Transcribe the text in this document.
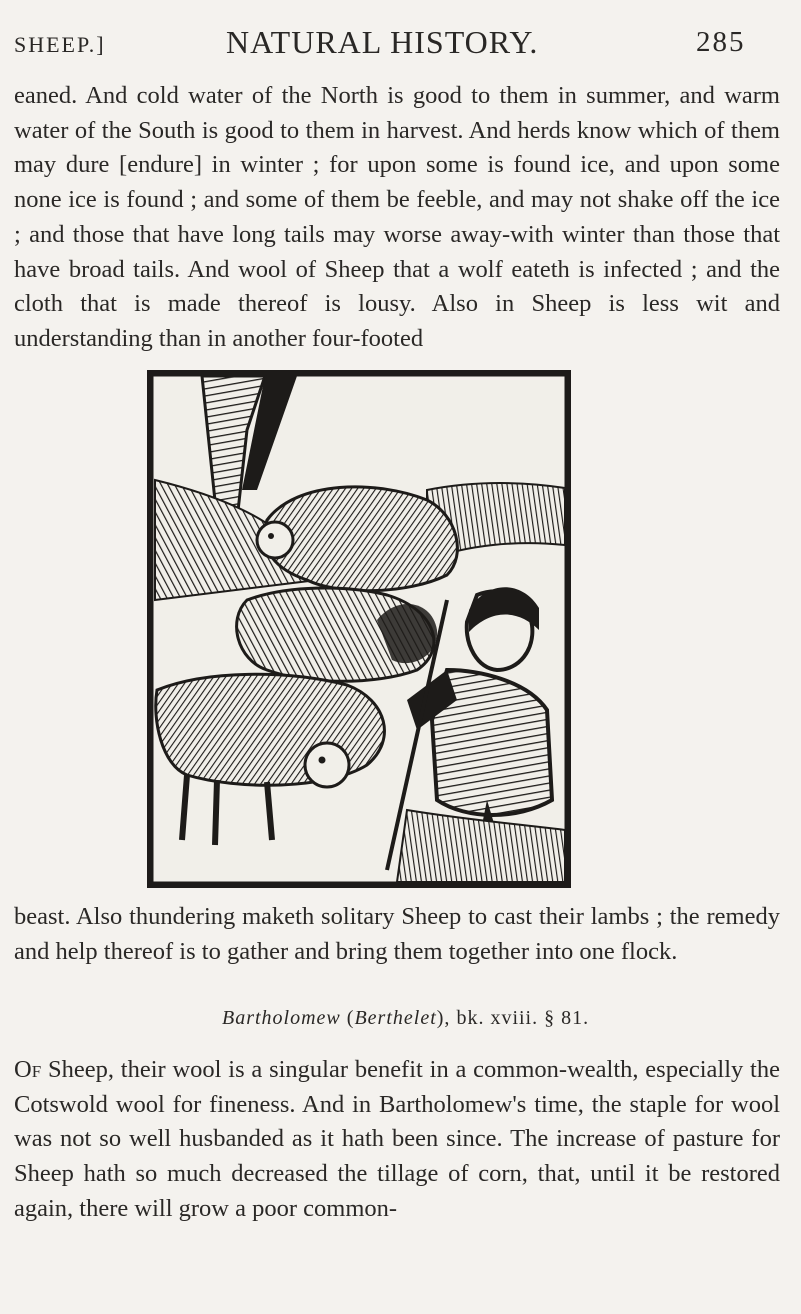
SHEEP.]	NATURAL HISTORY.	285

eaned. And cold water of the North is good to them in summer, and warm water of the South is good to them in harvest. And herds know which of them may dure [endure] in winter ; for upon some is found ice, and upon some none ice is found ; and some of them be feeble, and may not shake off the ice ; and those that have long tails may worse away-with winter than those that have broad tails. And wool of Sheep that a wolf eateth is infected ; and the cloth that is made thereof is lousy. Also in Sheep is less wit and understanding than in another four-footed

beast. Also thundering maketh solitary Sheep to cast their lambs ; the remedy and help thereof is to gather and bring them together into one flock.

Bartholomew (Berthelet), bk. xviii. § 81.

Of Sheep, their wool is a singular benefit in a common-wealth, especially the Cotswold wool for fineness. And in Bartholomew's time, the staple for wool was not so well husbanded as it hath been since. The increase of pasture for Sheep hath so much decreased the tillage of corn, that, until it be restored again, there will grow a poor common-
